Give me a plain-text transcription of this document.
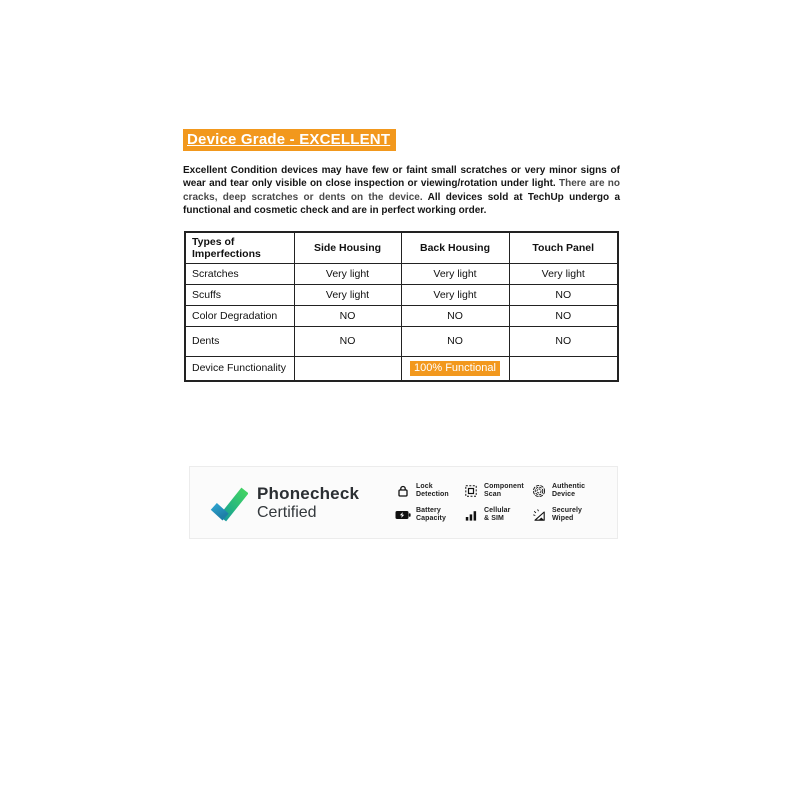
Device Grade - EXCELLENT
Excellent Condition devices may have few or faint small scratches or very minor signs of wear and tear only visible on close inspection or viewing/rotation under light. There are no cracks, deep scratches or dents on the device. All devices sold at TechUp undergo a functional and cosmetic check and are in perfect working order.
Types of Imperfections	Side Housing	Back Housing	Touch Panel
Scratches	Very light	Very light	Very light
Scuffs	Very light	Very light	NO
Color Degradation	NO	NO	NO
Dents	NO	NO	NO
Device Functionality		100% Functional	
Phonecheck
Certified
Lock
Detection
Component
Scan
Authentic
Device
Battery
Capacity
Cellular
& SIM
Securely
Wiped
